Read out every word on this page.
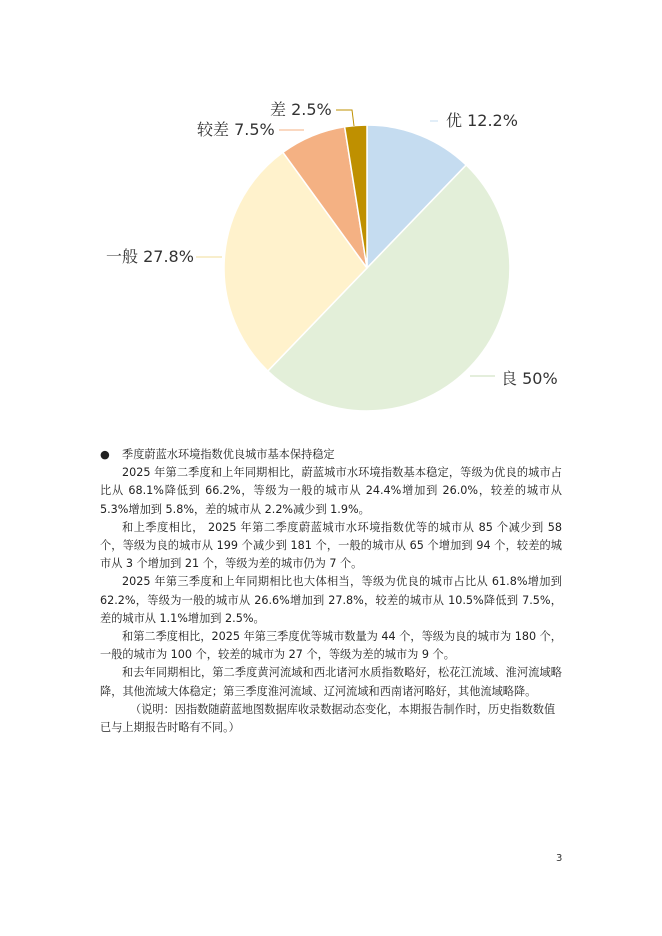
优 12.2%
良 50%
一般 27.8%
较差 7.5%
差 2.5%
● 季度蔚蓝水环境指数优良城市基本保持稳定

2025 年第二季度和上年同期相比，蔚蓝城市水环境指数基本稳定，等级为优良的城市占比从 68.1%降低到 66.2%，等级为一般的城市从 24.4%增加到 26.0%，较差的城市从 5.3%增加到 5.8%，差的城市从 2.2%减少到 1.9%。

和上季度相比， 2025 年第二季度蔚蓝城市水环境指数优等的城市从 85 个减少到 58 个，等级为良的城市从 199 个减少到 181 个，一般的城市从 65 个增加到 94 个，较差的城市从 3 个增加到 21 个，等级为差的城市仍为 7 个。

2025 年第三季度和上年同期相比也大体相当，等级为优良的城市占比从 61.8%增加到 62.2%，等级为一般的城市从 26.6%增加到 27.8%，较差的城市从 10.5%降低到 7.5%，差的城市从 1.1%增加到 2.5%。

和第二季度相比，2025 年第三季度优等城市数量为 44 个，等级为良的城市为 180 个，一般的城市为 100 个，较差的城市为 27 个，等级为差的城市为 9 个。

和去年同期相比，第二季度黄河流域和西北诸河水质指数略好，松花江流域、淮河流域略降，其他流域大体稳定；第三季度淮河流域、辽河流域和西南诸河略好，其他流域略降。

（说明：因指数随蔚蓝地图数据库收录数据动态变化，本期报告制作时，历史指数数值已与上期报告时略有不同。）

3
